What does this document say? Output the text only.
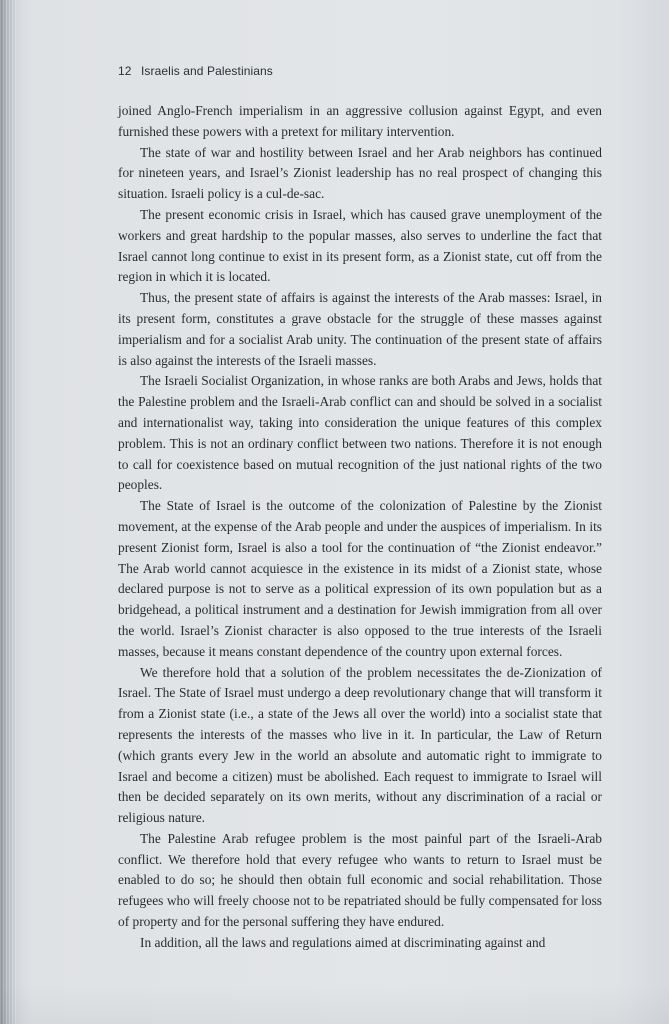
12 Israelis and Palestinians

joined Anglo-French imperialism in an aggressive collusion against Egypt, and even furnished these powers with a pretext for military intervention.

The state of war and hostility between Israel and her Arab neighbors has continued for nineteen years, and Israel’s Zionist leadership has no real prospect of changing this situation. Israeli policy is a cul-de-sac.

The present economic crisis in Israel, which has caused grave unemployment of the workers and great hardship to the popular masses, also serves to underline the fact that Israel cannot long continue to exist in its present form, as a Zionist state, cut off from the region in which it is located.

Thus, the present state of affairs is against the interests of the Arab masses: Israel, in its present form, constitutes a grave obstacle for the struggle of these masses against imperialism and for a socialist Arab unity. The continuation of the present state of affairs is also against the interests of the Israeli masses.

The Israeli Socialist Organization, in whose ranks are both Arabs and Jews, holds that the Palestine problem and the Israeli-Arab conflict can and should be solved in a socialist and internationalist way, taking into consideration the unique features of this complex problem. This is not an ordinary conflict between two nations. Therefore it is not enough to call for coexistence based on mutual recognition of the just national rights of the two peoples.

The State of Israel is the outcome of the colonization of Palestine by the Zionist movement, at the expense of the Arab people and under the auspices of imperialism. In its present Zionist form, Israel is also a tool for the continuation of “the Zionist endeavor.” The Arab world cannot acquiesce in the existence in its midst of a Zionist state, whose declared purpose is not to serve as a political expression of its own population but as a bridgehead, a political instrument and a destination for Jewish immigration from all over the world. Israel’s Zionist character is also opposed to the true interests of the Israeli masses, because it means constant dependence of the country upon external forces.

We therefore hold that a solution of the problem necessitates the de-Zionization of Israel. The State of Israel must undergo a deep revolutionary change that will transform it from a Zionist state (i.e., a state of the Jews all over the world) into a socialist state that represents the interests of the masses who live in it. In particular, the Law of Return (which grants every Jew in the world an absolute and automatic right to immigrate to Israel and become a citizen) must be abolished. Each request to immigrate to Israel will then be decided separately on its own merits, without any discrimination of a racial or religious nature.

The Palestine Arab refugee problem is the most painful part of the Israeli-Arab conflict. We therefore hold that every refugee who wants to return to Israel must be enabled to do so; he should then obtain full economic and social rehabilitation. Those refugees who will freely choose not to be repatriated should be fully compensated for loss of property and for the personal suffering they have endured.

In addition, all the laws and regulations aimed at discriminating against and
